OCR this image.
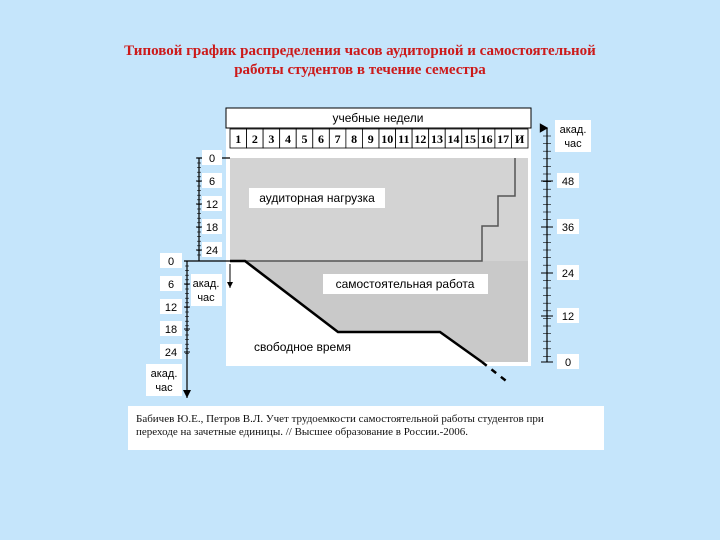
Типовой график распределения часов аудиторной и самостоятельной
работы студентов в течение семестра
учебные недели
1 2 3 4 5 6 7 8 9 10 11 12 13 14 15 16 17 И
0
6
12
18
24
0
6
12
18
24
48
36
24
12
0
акад.
час
акад.
час
акад.
час
аудиторная нагрузка
самостоятельная работа
свободное время
Бабичев Ю.Е., Петров В.Л. Учет трудоемкости самостоятельной работы студентов при
переходе на зачетные единицы. // Высшее образование в России.-2006.
